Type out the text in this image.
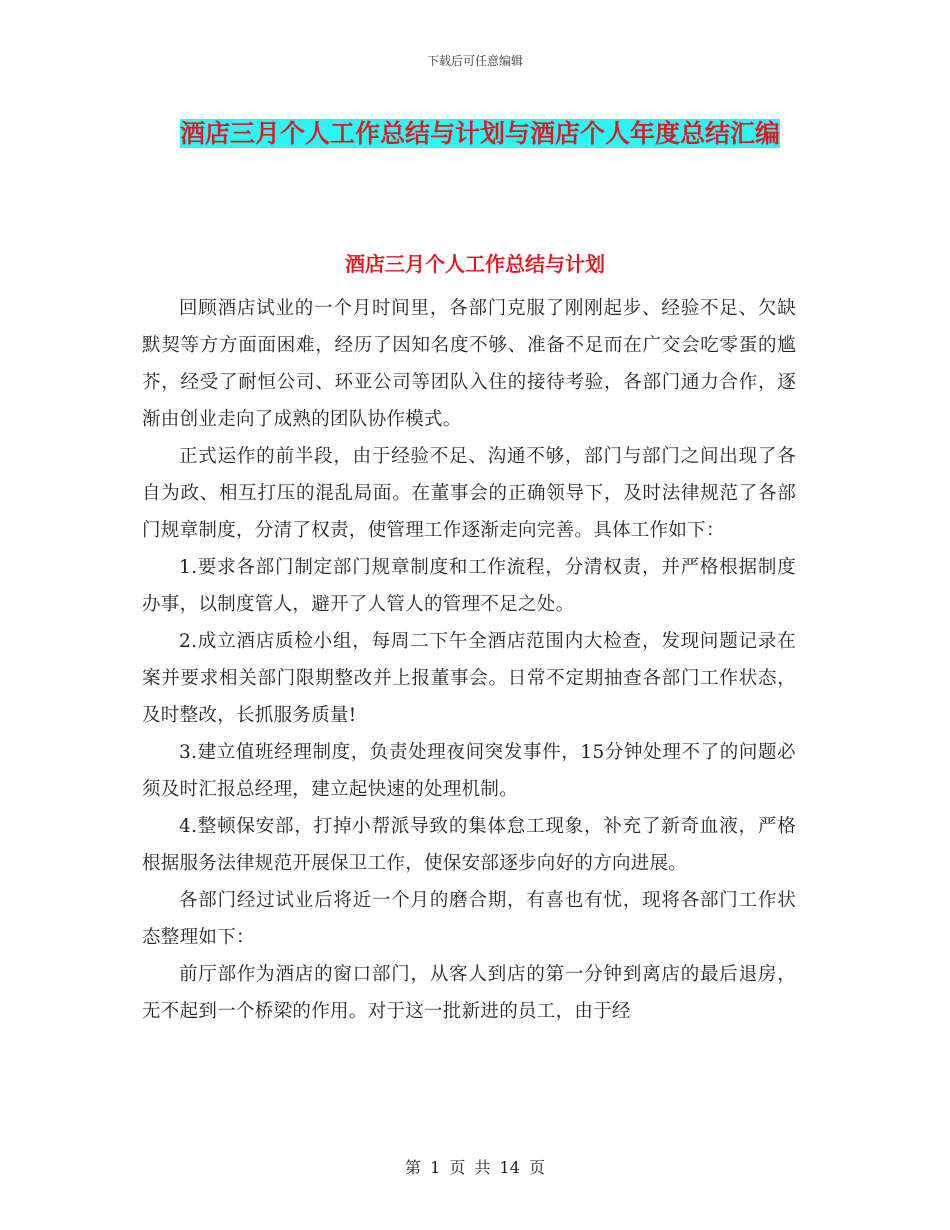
下载后可任意编辑
酒店三月个人工作总结与计划与酒店个人年度总结汇编
酒店三月个人工作总结与计划

回顾酒店试业的一个月时间里，各部门克服了刚刚起步、经验不足、欠缺默契等方方面面困难，经历了因知名度不够、准备不足而在广交会吃零蛋的尴芥，经受了耐恒公司、环亚公司等团队入住的接待考验，各部门通力合作，逐渐由创业走向了成熟的团队协作模式。

正式运作的前半段，由于经验不足、沟通不够，部门与部门之间出现了各自为政、相互打压的混乱局面。在董事会的正确领导下，及时法律规范了各部门规章制度，分清了权责，使管理工作逐渐走向完善。具体工作如下：

1.要求各部门制定部门规章制度和工作流程，分清权责，并严格根据制度办事，以制度管人，避开了人管人的管理不足之处。

2.成立酒店质检小组，每周二下午全酒店范围内大检查，发现问题记录在案并要求相关部门限期整改并上报董事会。日常不定期抽查各部门工作状态，及时整改，长抓服务质量!

3.建立值班经理制度，负责处理夜间突发事件，15分钟处理不了的问题必须及时汇报总经理，建立起快速的处理机制。

4.整顿保安部，打掉小帮派导致的集体怠工现象，补充了新奇血液，严格根据服务法律规范开展保卫工作，使保安部逐步向好的方向进展。

各部门经过试业后将近一个月的磨合期，有喜也有忧，现将各部门工作状态整理如下：

前厅部作为酒店的窗口部门，从客人到店的第一分钟到离店的最后退房，无不起到一个桥梁的作用。对于这一批新进的员工，由于经

第 1 页 共 14 页
